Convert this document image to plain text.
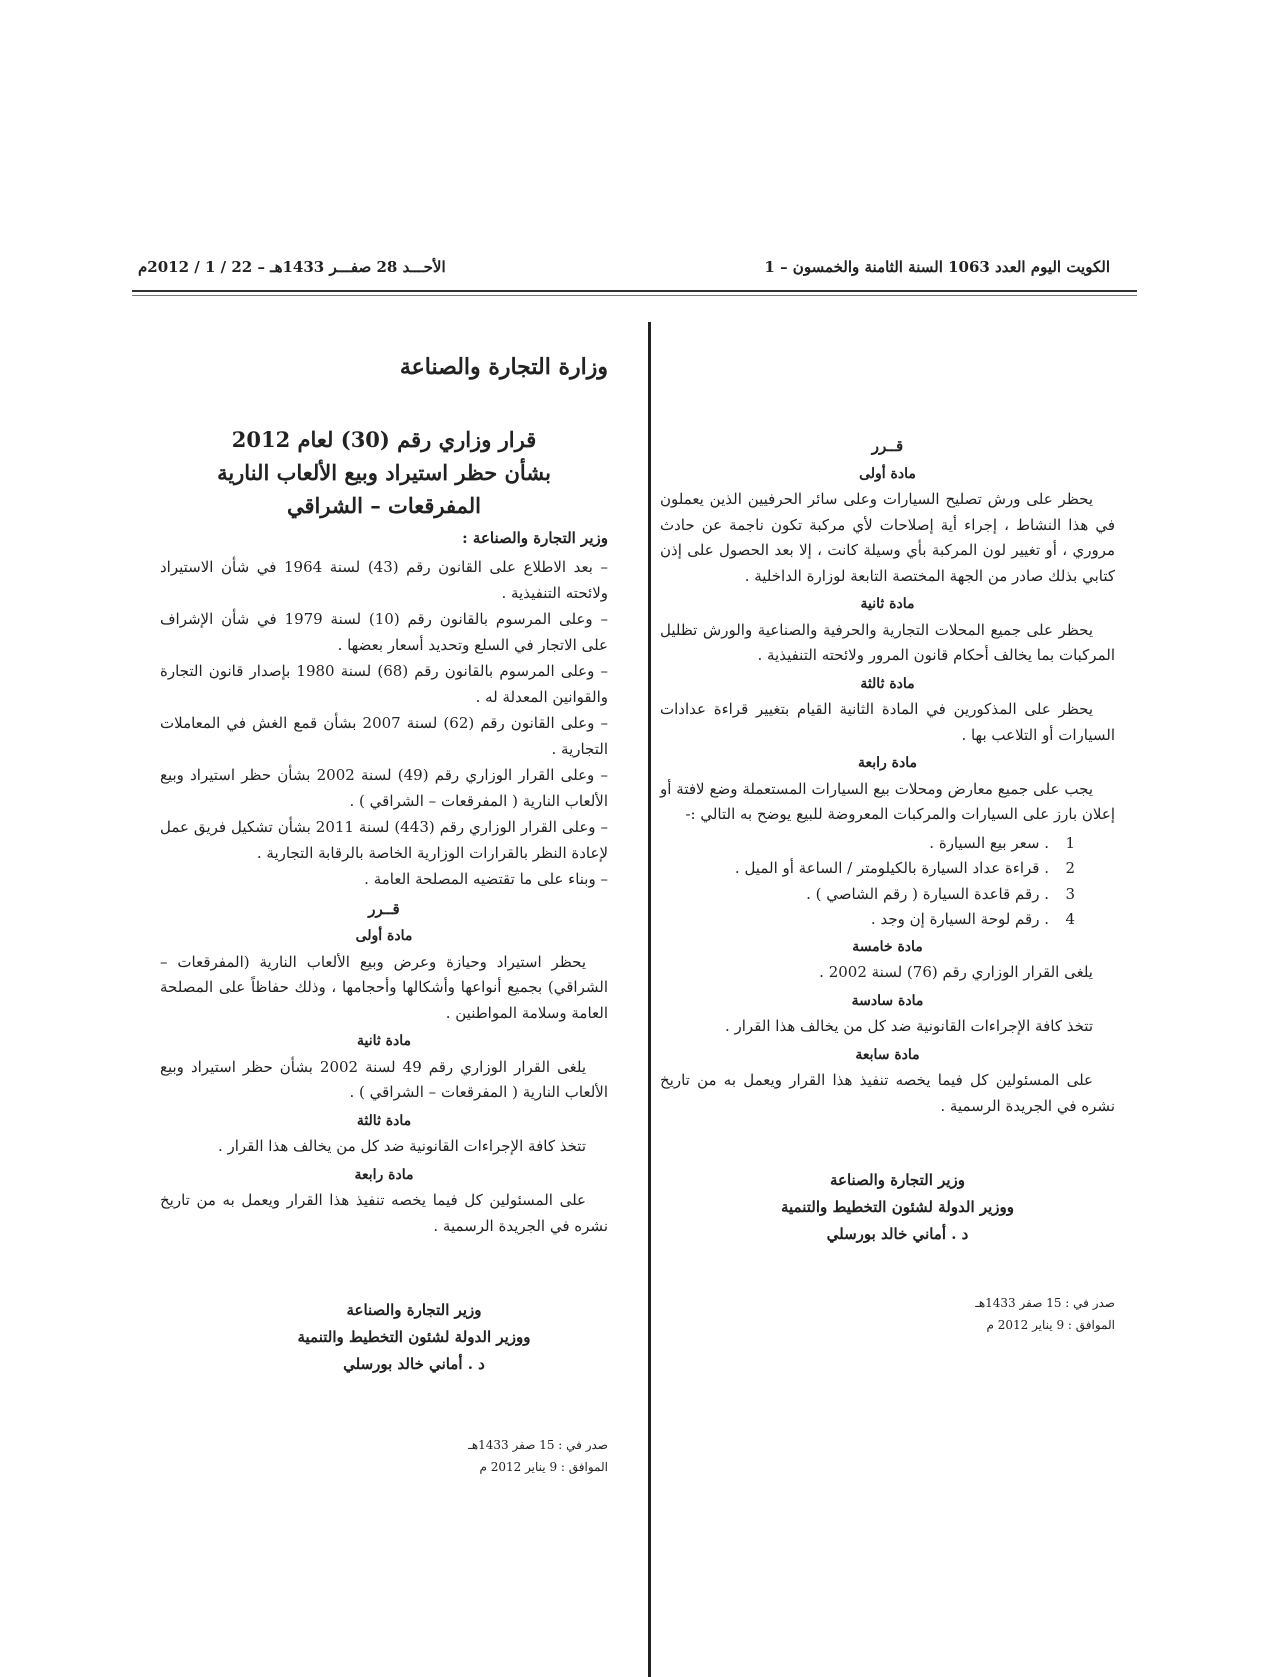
الكويت اليوم العدد 1063 السنة الثامنة والخمسون – 1
الأحـــد 28 صفـــر 1433هـ – 22 / 1 / 2012م
قــرر
مادة أولى

يحظر على ورش تصليح السيارات وعلى سائر الحرفيين الذين يعملون في هذا النشاط ، إجراء أية إصلاحات لأي مركبة تكون ناجمة عن حادث مروري ، أو تغيير لون المركبة بأي وسيلة كانت ، إلا بعد الحصول على إذن كتابي بذلك صادر من الجهة المختصة التابعة لوزارة الداخلية .

مادة ثانية

يحظر على جميع المحلات التجارية والحرفية والصناعية والورش تظليل المركبات بما يخالف أحكام قانون المرور ولائحته التنفيذية .

مادة ثالثة

يحظر على المذكورين في المادة الثانية القيام بتغيير قراءة عدادات السيارات أو التلاعب بها .

مادة رابعة

يجب على جميع معارض ومحلات بيع السيارات المستعملة وضع لافتة أو إعلان بارز على السيارات والمركبات المعروضة للبيع يوضح به التالي :-

1. سعر بيع السيارة .
2. قراءة عداد السيارة بالكيلومتر / الساعة أو الميل .
3. رقم قاعدة السيارة ( رقم الشاصي ) .
4. رقم لوحة السيارة إن وجد .
مادة خامسة

يلغى القرار الوزاري رقم (76) لسنة 2002 .

مادة سادسة

تتخذ كافة الإجراءات القانونية ضد كل من يخالف هذا القرار .

مادة سابعة

على المسئولين كل فيما يخصه تنفيذ هذا القرار ويعمل به من تاريخ نشره في الجريدة الرسمية .

وزير التجارة والصناعة
ووزير الدولة لشئون التخطيط والتنمية
د . أماني خالد بورسلي
صدر في : 15 صفر 1433هـ
الموافق : 9 يناير 2012 م
وزارة التجارة والصناعة
قرار وزاري رقم (30) لعام 2012
بشأن حظر استيراد وبيع الألعاب النارية
المفرقعات – الشراقي
وزير التجارة والصناعة :

– بعد الاطلاع على القانون رقم (43) لسنة 1964 في شأن الاستيراد ولائحته التنفيذية .

– وعلى المرسوم بالقانون رقم (10) لسنة 1979 في شأن الإشراف على الاتجار في السلع وتحديد أسعار بعضها .

– وعلى المرسوم بالقانون رقم (68) لسنة 1980 بإصدار قانون التجارة والقوانين المعدلة له .

– وعلى القانون رقم (62) لسنة 2007 بشأن قمع الغش في المعاملات التجارية .

– وعلى القرار الوزاري رقم (49) لسنة 2002 بشأن حظر استيراد وبيع الألعاب النارية ( المفرقعات – الشراقي ) .

– وعلى القرار الوزاري رقم (443) لسنة 2011 بشأن تشكيل فريق عمل لإعادة النظر بالقرارات الوزارية الخاصة بالرقابة التجارية .

– وبناء على ما تقتضيه المصلحة العامة .

قــرر
مادة أولى

يحظر استيراد وحيازة وعرض وبيع الألعاب النارية (المفرقعات – الشراقي) بجميع أنواعها وأشكالها وأحجامها ، وذلك حفاظاً على المصلحة العامة وسلامة المواطنين .

مادة ثانية

يلغى القرار الوزاري رقم 49 لسنة 2002 بشأن حظر استيراد وبيع الألعاب النارية ( المفرقعات – الشراقي ) .

مادة ثالثة

تتخذ كافة الإجراءات القانونية ضد كل من يخالف هذا القرار .

مادة رابعة

على المسئولين كل فيما يخصه تنفيذ هذا القرار ويعمل به من تاريخ نشره في الجريدة الرسمية .

وزير التجارة والصناعة
ووزير الدولة لشئون التخطيط والتنمية
د . أماني خالد بورسلي
صدر في : 15 صفر 1433هـ
الموافق : 9 يناير 2012 م
